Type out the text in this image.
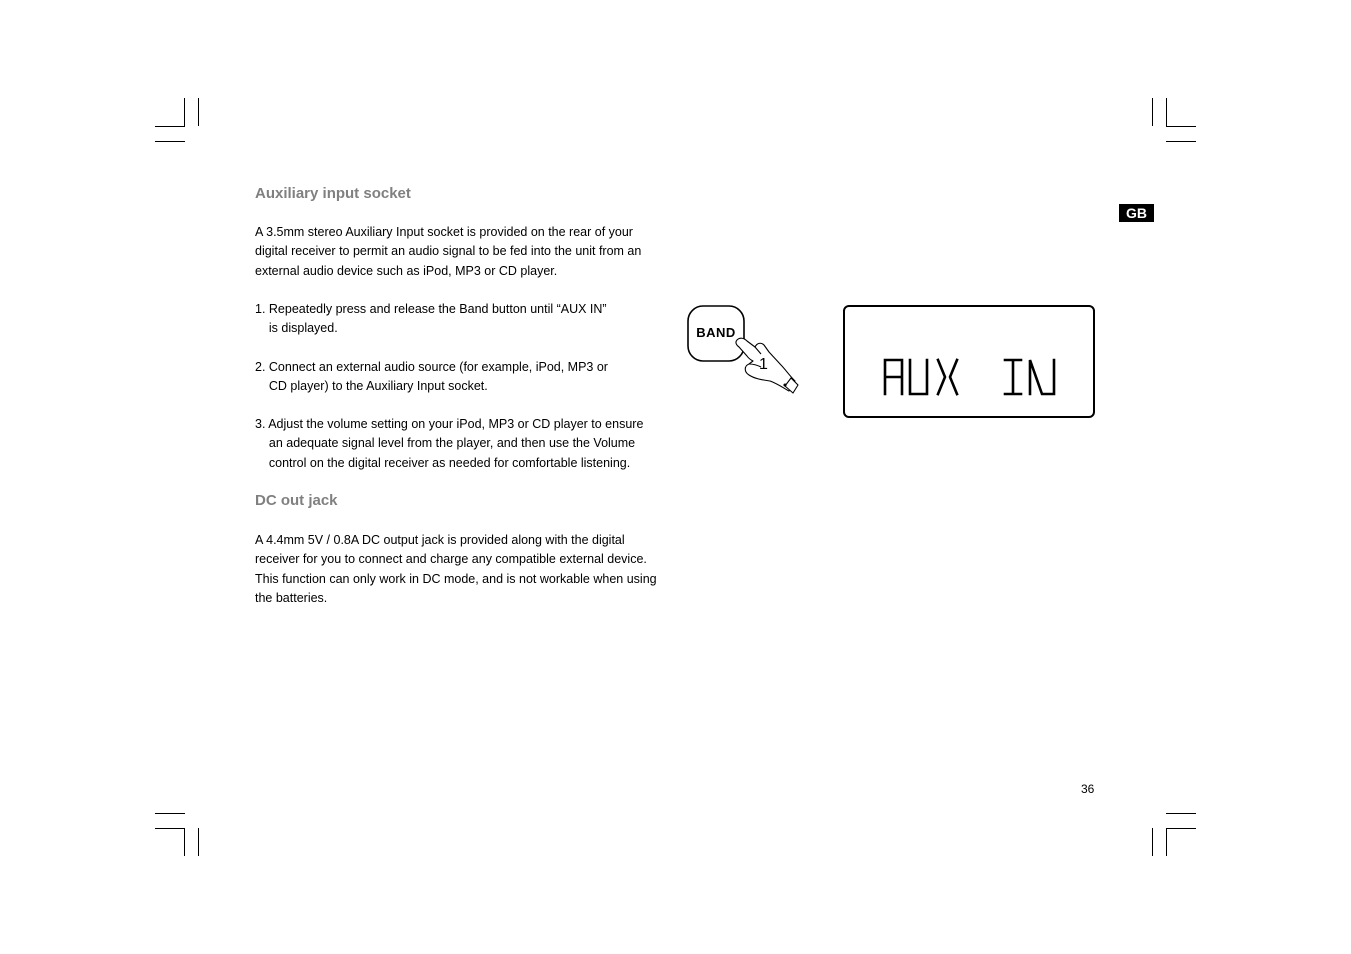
Auxiliary input socket
A 3.5mm stereo Auxiliary Input socket is provided on the rear of your
digital receiver to permit an audio signal to be fed into the unit from an
external audio device such as iPod, MP3 or CD player.
1. Repeatedly press and release the Band button until “AUX IN”
is displayed.
2. Connect an external audio source (for example, iPod, MP3 or
CD player) to the Auxiliary Input socket.
3. Adjust the volume setting on your iPod, MP3 or CD player to ensure
an adequate signal level from the player, and then use the Volume
control on the digital receiver as needed for comfortable listening.
DC out jack
A 4.4mm 5V / 0.8A DC output jack is provided along with the digital
receiver for you to connect and charge any compatible external device.
This function can only work in DC mode, and is not workable when using
the batteries.
BAND
1
GB
36
